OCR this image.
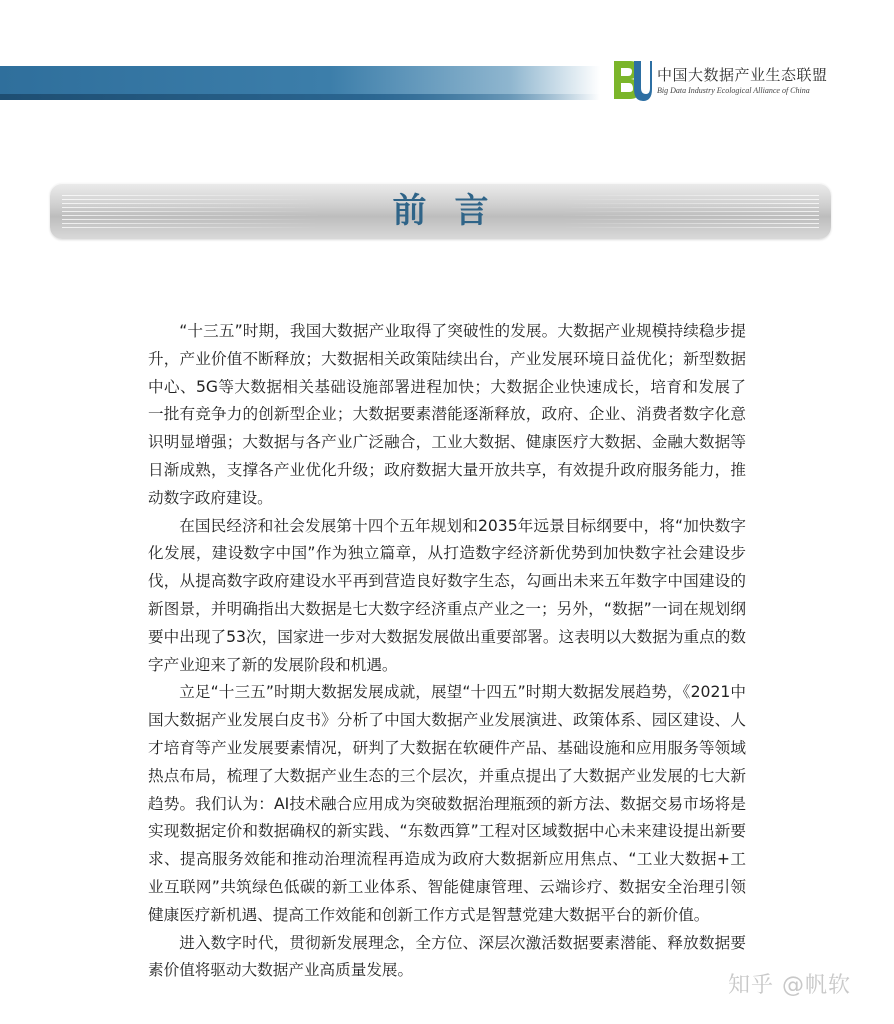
中国大数据产业生态联盟
Big Data Industry Ecological Alliance of China
前言

“十三五”时期，我国大数据产业取得了突破性的发展。大数据产业规模持续稳步提升，产业价值不断释放；大数据相关政策陆续出台，产业发展环境日益优化；新型数据中心、5G等大数据相关基础设施部署进程加快；大数据企业快速成长，培育和发展了一批有竞争力的创新型企业；大数据要素潜能逐渐释放，政府、企业、消费者数字化意识明显增强；大数据与各产业广泛融合，工业大数据、健康医疗大数据、金融大数据等日渐成熟，支撑各产业优化升级；政府数据大量开放共享，有效提升政府服务能力，推动数字政府建设。

在国民经济和社会发展第十四个五年规划和2035年远景目标纲要中，将“加快数字化发展，建设数字中国”作为独立篇章，从打造数字经济新优势到加快数字社会建设步伐，从提高数字政府建设水平再到营造良好数字生态，勾画出未来五年数字中国建设的新图景，并明确指出大数据是七大数字经济重点产业之一；另外，“数据”一词在规划纲要中出现了53次，国家进一步对大数据发展做出重要部署。这表明以大数据为重点的数字产业迎来了新的发展阶段和机遇。

立足“十三五”时期大数据发展成就，展望“十四五”时期大数据发展趋势，《2021中国大数据产业发展白皮书》分析了中国大数据产业发展演进、政策体系、园区建设、人才培育等产业发展要素情况，研判了大数据在软硬件产品、基础设施和应用服务等领域热点布局，梳理了大数据产业生态的三个层次，并重点提出了大数据产业发展的七大新趋势。我们认为：AI技术融合应用成为突破数据治理瓶颈的新方法、数据交易市场将是实现数据定价和数据确权的新实践、“东数西算”工程对区域数据中心未来建设提出新要求、提高服务效能和推动治理流程再造成为政府大数据新应用焦点、“工业大数据+工业互联网”共筑绿色低碳的新工业体系、智能健康管理、云端诊疗、数据安全治理引领健康医疗新机遇、提高工作效能和创新工作方式是智慧党建大数据平台的新价值。

进入数字时代，贯彻新发展理念，全方位、深层次激活数据要素潜能、释放数据要素价值将驱动大数据产业高质量发展。

知乎 @帆软
